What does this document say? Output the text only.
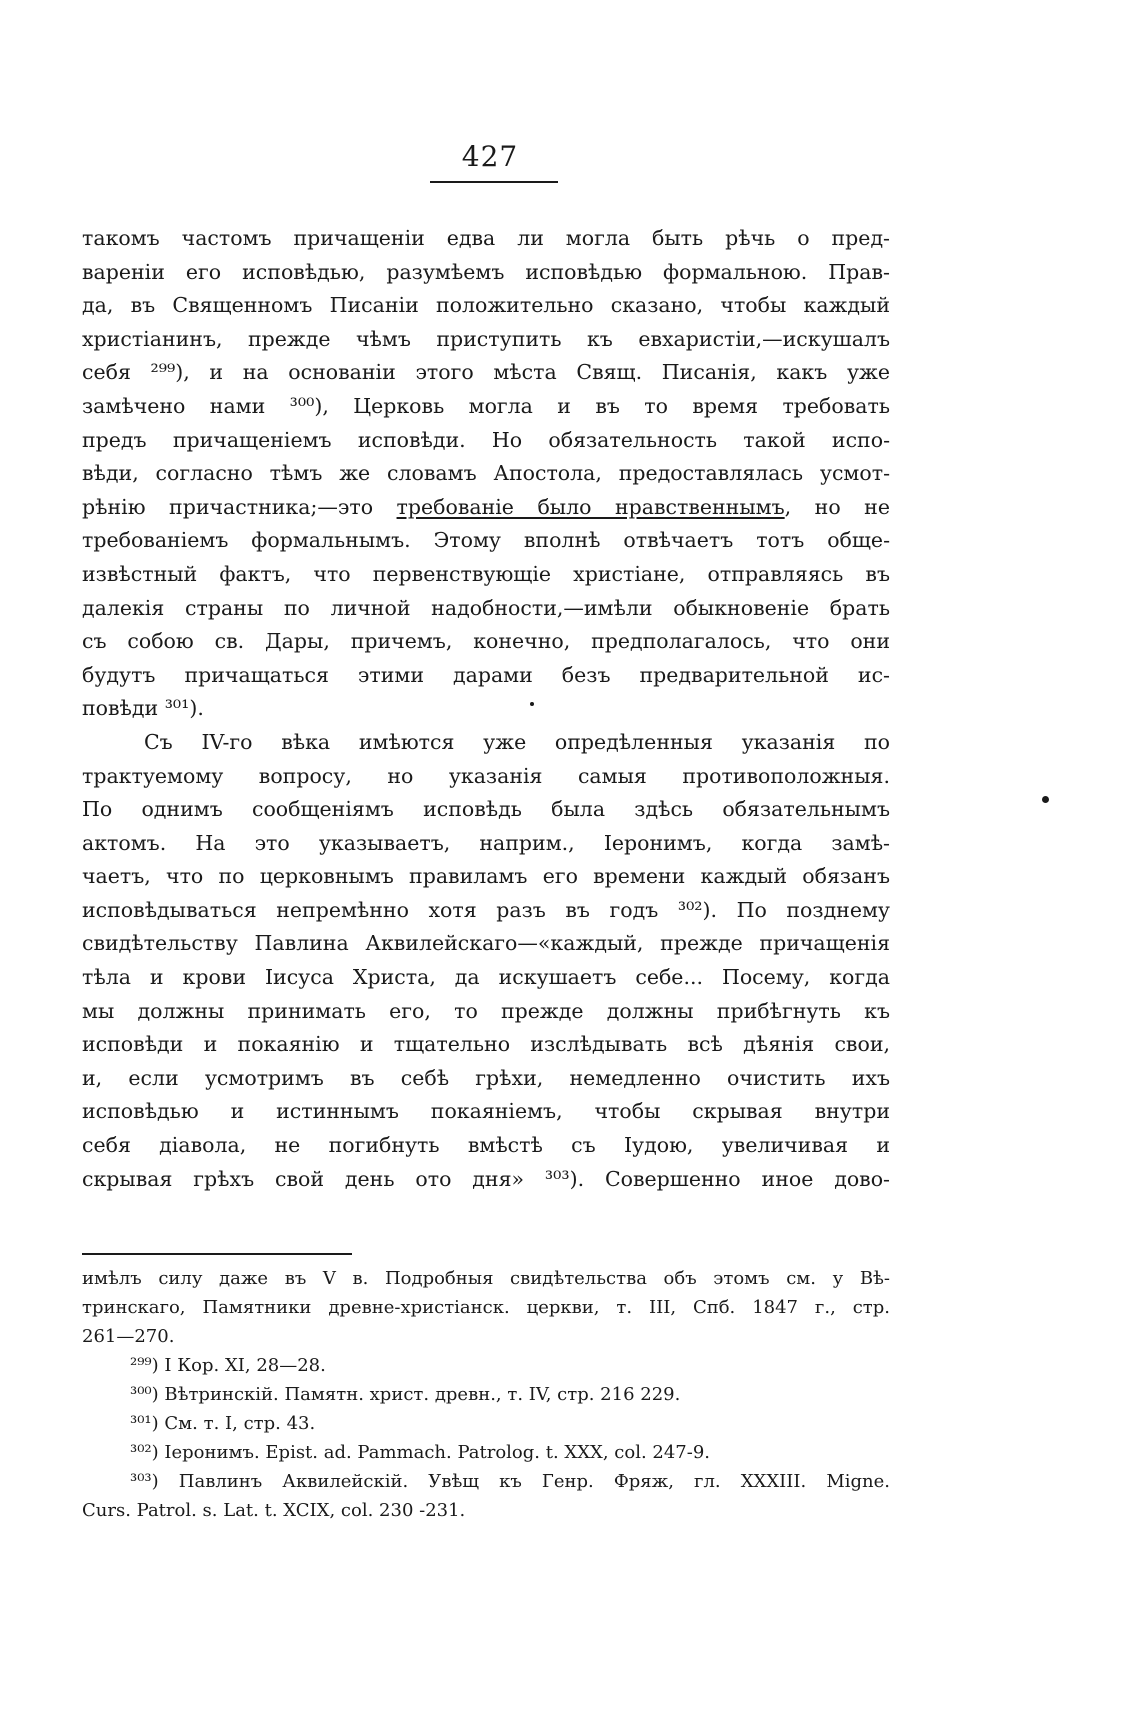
427
такомъ частомъ причащеніи едва ли могла быть рѣчь о пред-
вареніи его исповѣдью, разумѣемъ исповѣдью формальною. Прав-
да, въ Священномъ Писаніи положительно сказано, чтобы каждый
христіанинъ, прежде чѣмъ приступить къ евхаристіи,—искушалъ
себя ²⁹⁹), и на основаніи этого мѣста Свящ. Писанія, какъ уже
замѣчено нами ³⁰⁰), Церковь могла и въ то время требовать
предъ причащеніемъ исповѣди. Но обязательность такой испо-
вѣди, согласно тѣмъ же словамъ Апостола, предоставлялась усмот-
рѣнію причастника;—это требованіе было нравственнымъ, но не
требованіемъ формальнымъ. Этому вполнѣ отвѣчаетъ тотъ обще-
извѣстный фактъ, что первенствующіе христіане, отправляясь въ
далекія страны по личной надобности,—имѣли обыкновеніе брать
съ собою св. Дары, причемъ, конечно, предполагалось, что они
будутъ причащаться этими дарами безъ предварительной ис-
повѣди ³⁰¹).
Съ IV-го вѣка имѣются уже опредѣленныя указанія по
трактуемому вопросу, но указанія самыя противоположныя.
По однимъ сообщеніямъ исповѣдь была здѣсь обязательнымъ
актомъ. На это указываетъ, наприм., Іеронимъ, когда замѣ-
чаетъ, что по церковнымъ правиламъ его времени каждый обязанъ
исповѣдываться непремѣнно хотя разъ въ годъ ³⁰²). По позднему
свидѣтельству Павлина Аквилейскаго—«каждый, прежде причащенія
тѣла и крови Іисуса Христа, да искушаетъ себе... Посему, когда
мы должны принимать его, то прежде должны прибѣгнуть къ
исповѣди и покаянію и тщательно изслѣдывать всѣ дѣянія свои,
и, если усмотримъ въ себѣ грѣхи, немедленно очистить ихъ
исповѣдью и истиннымъ покаяніемъ, чтобы скрывая внутри
себя діавола, не погибнуть вмѣстѣ съ Іудою, увеличивая и
скрывая грѣхъ свой день ото дня» ³⁰³). Совершенно иное дово-
имѣлъ силу даже въ V в. Подробныя свидѣтельства объ этомъ см. у Вѣ-
тринскаго, Памятники древне-христіанск. церкви, т. III, Спб. 1847 г., стр.
261—270.
²⁹⁹) I Кор. XI, 28—28.
³⁰⁰) Вѣтринскій. Памятн. христ. древн., т. IV, стр. 216 229.
³⁰¹) См. т. I, стр. 43.
³⁰²) Іеронимъ. Epist. ad. Pammach. Patrolog. t. XXX, col. 247-9.
³⁰³) Павлинъ Аквилейскій. Увѣщ къ Генр. Фряж, гл. XXXIII. Migne.
Curs. Patrol. s. Lat. t. XCIX, col. 230 -231.
